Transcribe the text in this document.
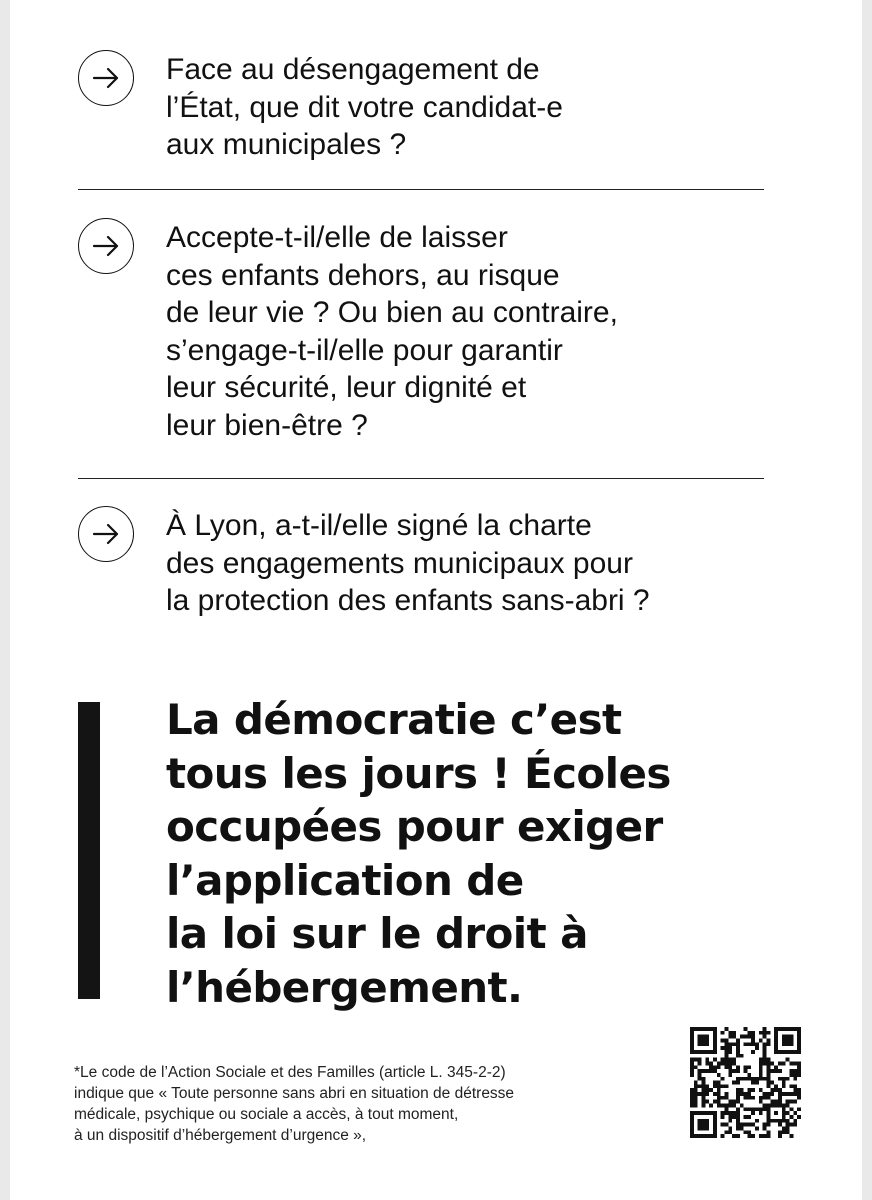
Face au désengagement de
l’État, que dit votre candidat-e
aux municipales ?
Accepte-t-il/elle de laisser
ces enfants dehors, au risque
de leur vie ? Ou bien au contraire,
s’engage-t-il/elle pour garantir
leur sécurité, leur dignité et
leur bien-être ?
À Lyon, a-t-il/elle signé la charte
des engagements municipaux pour
la protection des enfants sans-abri ?
La démocratie c’est
tous les jours ! Écoles
occupées pour exiger
l’application de
la loi sur le droit à
l’hébergement.
*Le code de l’Action Sociale et des Familles (article L. 345-2-2)
indique que « Toute personne sans abri en situation de détresse
médicale, psychique ou sociale a accès, à tout moment,
à un dispositif d’hébergement d’urgence »,
